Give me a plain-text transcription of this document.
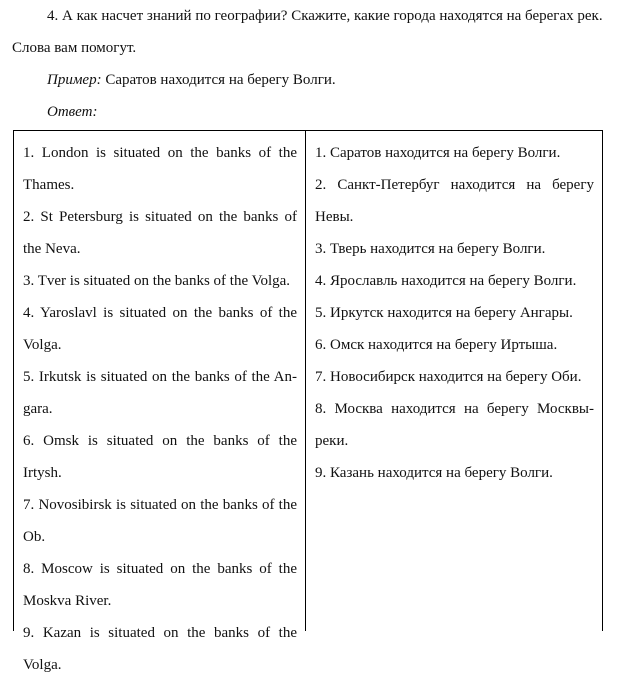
4. А как насчет знаний по географии? Скажите, какие города находятся на берегах рек.
Слова вам помогут.
Пример: Саратов находится на берегу Волги.
Ответ:
1. London is situated on the banks of the Thames.
2. St Petersburg is situated on the banks of the Neva.
3. Tver is situated on the banks of the Volga.
4. Yaroslavl is situated on the banks of the Volga.
5. Irkutsk is situated on the banks of the An-gara.
6. Omsk is situated on the banks of the Irtysh.
7. Novosibirsk is situated on the banks of the Ob.
8. Moscow is situated on the banks of the Moskva River.
9. Kazan is situated on the banks of the Volga.
1. Саратов находится на берегу Волги.
2. Санкт-Петербуг находится на берегу Невы.
3. Тверь находится на берегу Волги.
4. Ярославль находится на берегу Волги.
5. Иркутск находится на берегу Ангары.
6. Омск находится на берегу Иртыша.
7. Новосибирск находится на берегу Оби.
8. Москва находится на берегу Москвы-реки.
9. Казань находится на берегу Волги.
